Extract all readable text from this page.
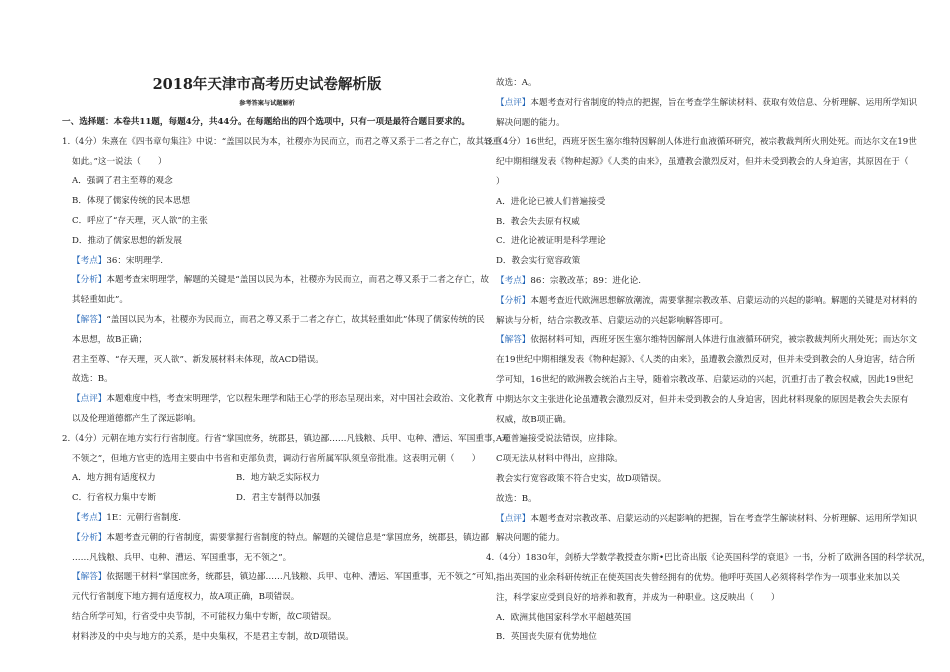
2018年天津市高考历史试卷解析版
参考答案与试题解析
一、选择题：本卷共11题，每题4分，共44分。在每题给出的四个选项中，只有一项是最符合题目要求的。
1.（4分）朱熹在《四书章句集注》中说：“盖国以民为本，社稷亦为民而立，而君之尊又系于二者之存亡，故其轻重
如此。”这一说法（　　）
A．强调了君主至尊的观念
B．体现了儒家传统的民本思想
C．呼应了“存天理，灭人欲”的主张
D．推动了儒家思想的新发展
【考点】36：宋明理学.
【分析】本题考查宋明理学，解题的关键是“盖国以民为本，社稷亦为民而立，而君之尊又系于二者之存亡，故
其轻重如此”。
【解答】“盖国以民为本，社稷亦为民而立，而君之尊又系于二者之存亡，故其轻重如此”体现了儒家传统的民
本思想，故B正确；
君主至尊、“存天理，灭人欲”、新发展材料未体现，故ACD错误。
故选：B。
【点评】本题难度中档，考查宋明理学，它以程朱理学和陆王心学的形态呈现出来，对中国社会政治、文化教育
以及伦理道德都产生了深远影响。
2.（4分）元朝在地方实行行省制度。行省“掌国庶务，统郡县，镇边鄙……凡钱粮、兵甲、屯种、漕运、军国重事，无
不领之”，但地方官吏的选用主要由中书省和吏部负责，调动行省所属军队须皇帝批准。这表明元朝（　　）
A．地方拥有适度权力	B．地方缺乏实际权力
C．行省权力集中专断	D．君主专制得以加强
【考点】1E：元朝行省制度.
【分析】本题考查元朝的行省制度，需要掌握行省制度的特点。解题的关键信息是“掌国庶务，统郡县，镇边鄙
……凡钱粮、兵甲、屯种、漕运、军国重事，无不领之”。
【解答】依据题干材料“掌国庶务，统郡县，镇边鄙……凡钱粮、兵甲、屯种、漕运、军国重事，无不领之”可知，
元代行省制度下地方拥有适度权力，故A项正确，B项错误。
结合所学可知，行省受中央节制，不可能权力集中专断，故C项错误。
材料涉及的中央与地方的关系，是中央集权，不是君主专制，故D项错误。
故选：A。
【点评】本题考查对行省制度的特点的把握，旨在考查学生解读材料、获取有效信息、分析理解、运用所学知识
解决问题的能力。
3.（4分）16世纪，西班牙医生塞尔维特因解剖人体进行血液循环研究，被宗教裁判所火刑处死。而达尔文在19世
纪中期相继发表《物种起源》《人类的由来》，虽遭教会激烈反对，但并未受到教会的人身迫害，其原因在于（
）
A．进化论已被人们普遍接受
B．教会失去原有权威
C．进化论被证明是科学理论
D．教会实行宽容政策
【考点】86：宗教改革；89：进化论.
【分析】本题考查近代欧洲思想解放潮流，需要掌握宗教改革、启蒙运动的兴起的影响。解题的关键是对材料的
解读与分析，结合宗教改革、启蒙运动的兴起影响解答即可。
【解答】依据材料可知，西班牙医生塞尔维特因解剖人体进行血液循环研究，被宗教裁判所火刑处死；而达尔文
在19世纪中期相继发表《物种起源》、《人类的由来》，虽遭教会激烈反对，但并未受到教会的人身迫害，结合所
学可知，16世纪的欧洲教会统治占主导，随着宗教改革、启蒙运动的兴起，沉重打击了教会权威，因此19世纪
中期达尔文主张进化论虽遭教会激烈反对，但并未受到教会的人身迫害，因此材料现象的原因是教会失去原有
权威，故B项正确。
A项普遍接受说法错误，应排除。
C项无法从材料中得出，应排除。
教会实行宽容政策不符合史实，故D项错误。
故选：B。
【点评】本题考查对宗教改革、启蒙运动的兴起影响的把握，旨在考查学生解读材料、分析理解、运用所学知识
解决问题的能力。
4.（4分）1830年，剑桥大学数学教授查尔斯•巴比奇出版《论英国科学的衰退》一书，分析了欧洲各国的科学状况，
指出英国的业余科研传统正在使英国丧失曾经拥有的优势。他呼吁英国人必须将科学作为一项事业来加以关
注，科学家应受到良好的培养和教育，并成为一种职业。这反映出（　　）
A．欧洲其他国家科学水平超越英国
B．英国丧失原有优势地位
